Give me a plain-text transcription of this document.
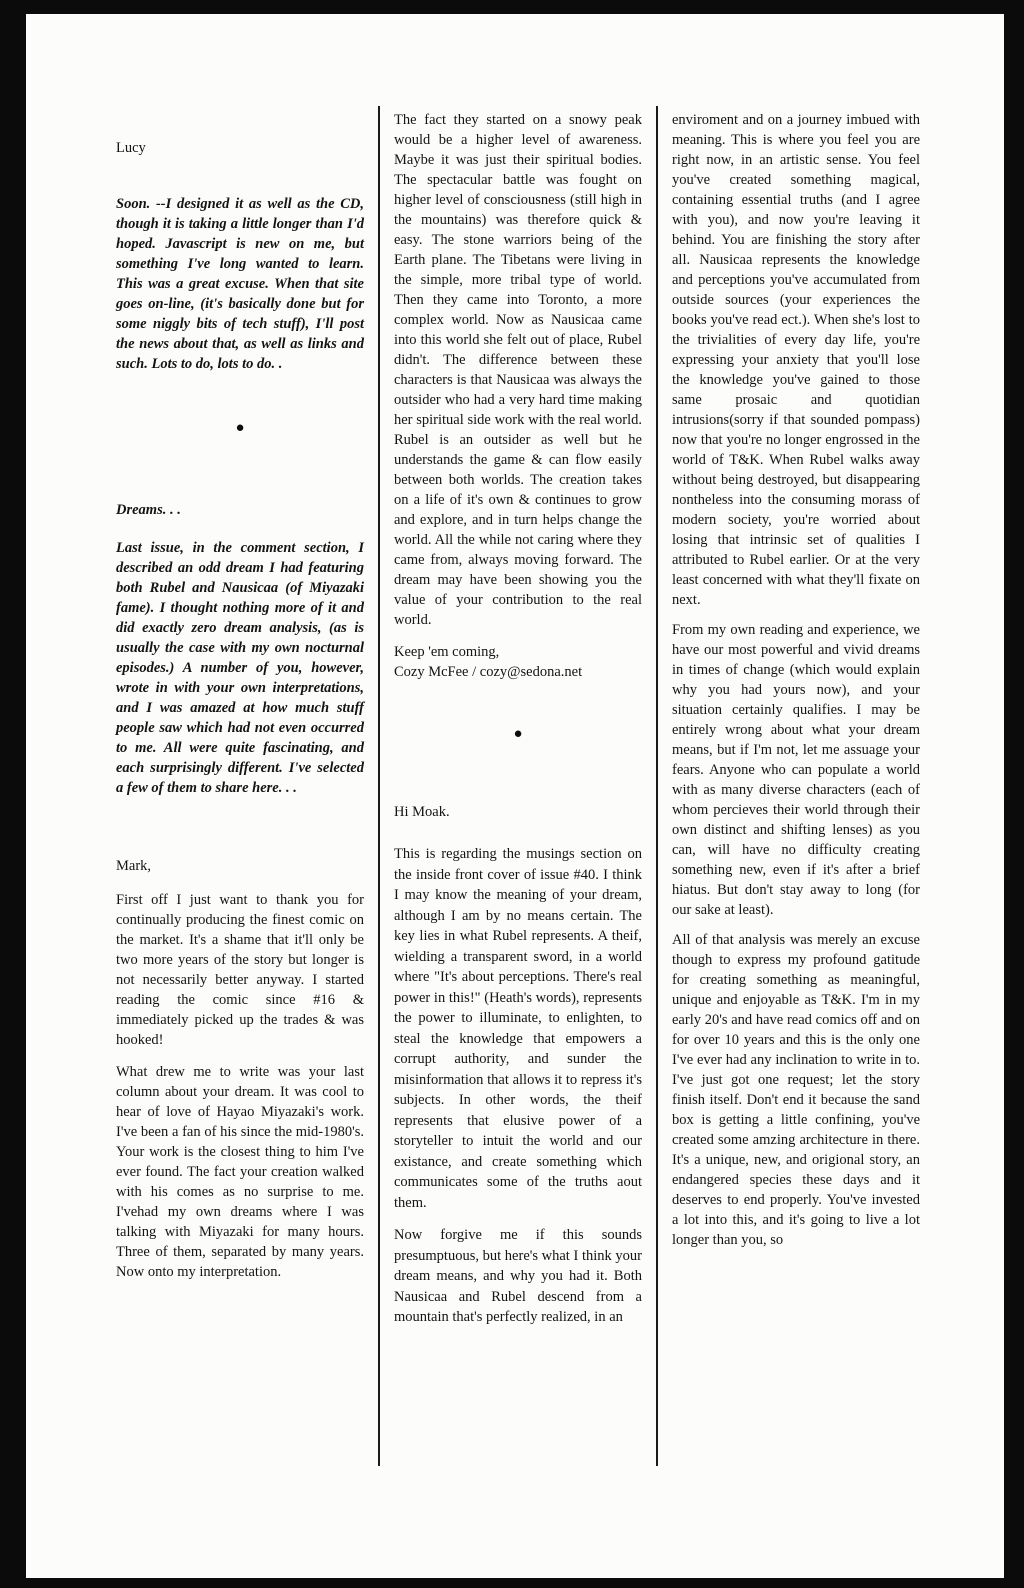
Lucy

Soon. --I designed it as well as the CD, though it is taking a little longer than I'd hoped. Javascript is new on me, but something I've long wanted to learn. This was a great excuse. When that site goes on-line, (it's basically done but for some niggly bits of tech stuff), I'll post the news about that, as well as links and such. Lots to do, lots to do. .

●

Dreams. . .

Last issue, in the comment section, I described an odd dream I had featuring both Rubel and Nausicaa (of Miyazaki fame). I thought nothing more of it and did exactly zero dream analysis, (as is usually the case with my own nocturnal episodes.) A number of you, however, wrote in with your own interpretations, and I was amazed at how much stuff people saw which had not even occurred to me. All were quite fascinating, and each surprisingly different. I've selected a few of them to share here. . .

Mark,

First off I just want to thank you for continually producing the finest comic on the market. It's a shame that it'll only be two more years of the story but longer is not necessarily better anyway. I started reading the comic since #16 & immediately picked up the trades & was hooked!

What drew me to write was your last column about your dream. It was cool to hear of love of Hayao Miyazaki's work. I've been a fan of his since the mid-1980's. Your work is the closest thing to him I've ever found. The fact your creation walked with his comes as no surprise to me. I'vehad my own dreams where I was talking with Miyazaki for many hours. Three of them, separated by many years. Now onto my interpretation.

The fact they started on a snowy peak would be a higher level of awareness. Maybe it was just their spiritual bodies. The spectacular battle was fought on higher level of consciousness (still high in the mountains) was therefore quick & easy. The stone warriors being of the Earth plane. The Tibetans were living in the simple, more tribal type of world. Then they came into Toronto, a more complex world. Now as Nausicaa came into this world she felt out of place, Rubel didn't. The difference between these characters is that Nausicaa was always the outsider who had a very hard time making her spiritual side work with the real world. Rubel is an outsider as well but he understands the game & can flow easily between both worlds. The creation takes on a life of it's own & continues to grow and explore, and in turn helps change the world. All the while not caring where they came from, always moving forward. The dream may have been showing you the value of your contribution to the real world.

Keep 'em coming,

Cozy McFee / cozy@sedona.net

●

Hi Moak.

This is regarding the musings section on the inside front cover of issue #40. I think I may know the meaning of your dream, although I am by no means certain. The key lies in what Rubel represents. A theif, wielding a transparent sword, in a world where "It's about perceptions. There's real power in this!" (Heath's words), represents the power to illuminate, to enlighten, to steal the knowledge that empowers a corrupt authority, and sunder the misinformation that allows it to repress it's subjects. In other words, the theif represents that elusive power of a storyteller to intuit the world and our existance, and create something which communicates some of the truths aout them.

Now forgive me if this sounds presumptuous, but here's what I think your dream means, and why you had it. Both Nausicaa and Rubel descend from a mountain that's perfectly realized, in an

enviroment and on a journey imbued with meaning. This is where you feel you are right now, in an artistic sense. You feel you've created something magical, containing essential truths (and I agree with you), and now you're leaving it behind. You are finishing the story after all. Nausicaa represents the knowledge and perceptions you've accumulated from outside sources (your experiences the books you've read ect.). When she's lost to the trivialities of every day life, you're expressing your anxiety that you'll lose the knowledge you've gained to those same prosaic and quotidian intrusions(sorry if that sounded pompass) now that you're no longer engrossed in the world of T&K. When Rubel walks away without being destroyed, but disappearing nontheless into the consuming morass of modern society, you're worried about losing that intrinsic set of qualities I attributed to Rubel earlier. Or at the very least concerned with what they'll fixate on next.

From my own reading and experience, we have our most powerful and vivid dreams in times of change (which would explain why you had yours now), and your situation certainly qualifies. I may be entirely wrong about what your dream means, but if I'm not, let me assuage your fears. Anyone who can populate a world with as many diverse characters (each of whom percieves their world through their own distinct and shifting lenses) as you can, will have no difficulty creating something new, even if it's after a brief hiatus. But don't stay away to long (for our sake at least).

All of that analysis was merely an excuse though to express my profound gatitude for creating something as meaningful, unique and enjoyable as T&K. I'm in my early 20's and have read comics off and on for over 10 years and this is the only one I've ever had any inclination to write in to. I've just got one request; let the story finish itself. Don't end it because the sand box is getting a little confining, you've created some amzing architecture in there. It's a unique, new, and origional story, an endangered species these days and it deserves to end properly. You've invested a lot into this, and it's going to live a lot longer than you, so
